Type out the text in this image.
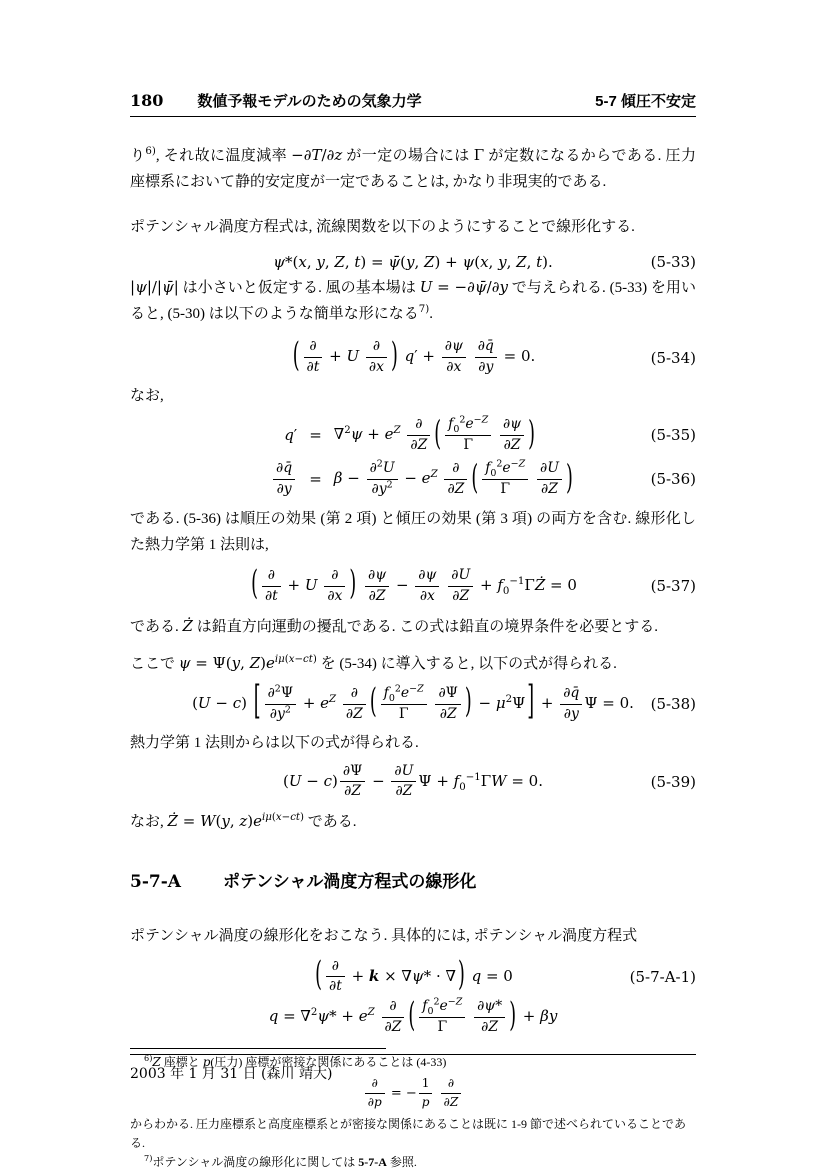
180 数値予報モデルのための気象力学	5-7 傾圧不安定

り$^{6)}$, それ故に温度減率 −∂T/∂z が一定の場合には Γ が定数になるからである. 圧力座標系において静的安定度が一定であることは, かなり非現実的である.

ポテンシャル渦度方程式は, 流線関数を以下のようにすることで線形化する.

ψ*(x, y, Z, t) = ψ̄(y, Z) + ψ(x, y, Z, t).	(5-33)

|ψ|/|ψ̄| は小さいと仮定する. 風の基本場は U = −∂ψ̄/∂y で与えられる. (5-33) を用いると, (5-30) は以下のような簡単な形になる$^{7)}$.

( $\frac{\partial}{\partial t} + U \frac{\partial}{\partial x}$ ) $q' + \frac{\partial\psi}{\partial x}$
$\frac{\partial q̄}{\partial y} = 0$.	(5-34)

なお,

$q' = \nabla^2\psi + e^Z \frac{\partial}{\partial Z}$ ( $\frac{f_0^2e^{-Z}}{\Gamma}$
$\frac{\partial\psi}{\partial Z}$ )
$\frac{\partial q̄}{\partial y} = \beta - \frac{\partial^2U}{\partial y^2} - e^Z \frac{\partial}{\partial Z}$ ( $\frac{f_0^2e^{-Z}}{\Gamma}$
$\frac{\partial U}{\partial Z}$ )
(5-35)
(5-36)

である. (5-36) は順圧の効果 (第 2 項) と傾圧の効果 (第 3 項) の両方を含む. 線形化した熱力学第 1 法則は,

( $\frac{\partial}{\partial t} + U \frac{\partial}{\partial x}$ ) $\frac{\partial\psi}{\partial Z} - \frac{\partial\psi}{\partial x}$
$\frac{\partial U}{\partial Z}$ + $f_0^{-1}\Gamma Ż = 0$	(5-37)

である. Ż は鉛直方向運動の擾乱である. この式は鉛直の境界条件を必要とする.

ここで ψ = Ψ(y, $Z)e^{i\mu(x-ct)}$ を (5-34) に導入すると, 以下の式が得られる.

(U − c) [ $\frac{\partial^2\Psi}{\partial y^2} + e^Z \frac{\partial}{\partial Z}$ ( $\frac{f_0^2e^{-Z}}{\Gamma}$
$\frac{\partial\Psi}{\partial Z}$ ) − $\mu^2\Psi$ ] + $\frac{\partial q̄}{\partial y}$ Ψ = 0. (5-38)

熱力学第 1 法則からは以下の式が得られる.

$(U - c) \frac{\partial\Psi}{\partial Z} - \frac{\partial U}{\partial Z}$ $\Psi + f_0^{-1}\Gamma W = 0$.	(5-39)

なお, Ż = W(y, $z)e^{i\mu(x-ct)}$ である.

5-7-A ポテンシャル渦度方程式の線形化

ポテンシャル渦度の線形化をおこなう. 具体的には, ポテンシャル渦度方程式

( $\frac{\partial}{\partial t} + k \times \nabla\psi*$ · ∇ ) q = 0	(5-7-A-1)
$q = \nabla^2\psi* + e^Z \frac{\partial}{\partial Z}$ ( $\frac{f_0^2e^{-Z}}{\Gamma}$
$\frac{\partial\psi*}{\partial Z}$ ) + βy
$^{6)}$Z 座標と p(圧力) 座標が密接な関係にあることは (4-33)
$\frac{\partial}{\partial p}$ = − $\frac{1}{p}$
$\frac{\partial}{\partial Z}$
からわかる. 圧力座標系と高度座標系とが密接な関係にあることは既に 1-9 節で述べられていることである.
$^{7)}$ポテンシャル渦度の線形化に関しては 5-7-A 参照.
2003 年 1 月 31 日 (森川 靖大)
